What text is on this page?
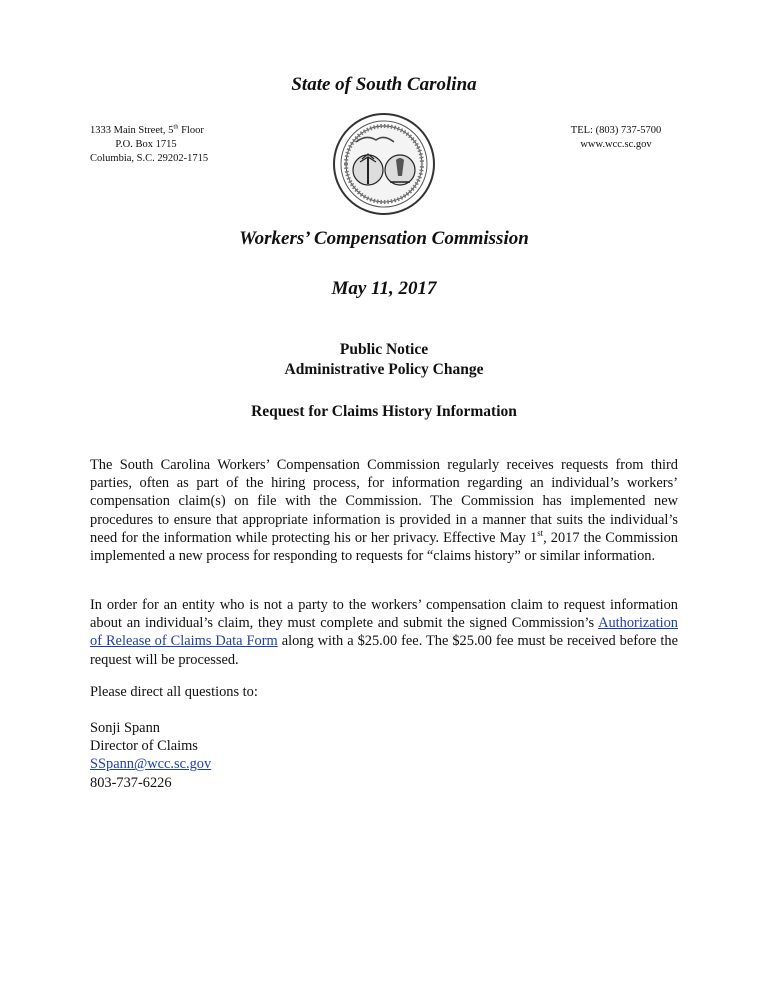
State of South Carolina
1333 Main Street, 5th Floor
P.O. Box 1715
Columbia, S.C. 29202-1715
TEL: (803) 737-5700
www.wcc.sc.gov
Workers’ Compensation Commission
May 11, 2017
Public Notice
Administrative Policy Change
Request for Claims History Information
The South Carolina Workers’ Compensation Commission regularly receives requests from third parties, often as part of the hiring process, for information regarding an individual’s workers’ compensation claim(s) on file with the Commission. The Commission has implemented new procedures to ensure that appropriate information is provided in a manner that suits the individual’s need for the information while protecting his or her privacy. Effective May 1st, 2017 the Commission implemented a new process for responding to requests for “claims history” or similar information.
In order for an entity who is not a party to the workers’ compensation claim to request information about an individual’s claim, they must complete and submit the signed Commission’s Authorization of Release of Claims Data Form along with a $25.00 fee. The $25.00 fee must be received before the request will be processed.
Please direct all questions to:
Sonji Spann
Director of Claims
SSpann@wcc.sc.gov
803-737-6226
